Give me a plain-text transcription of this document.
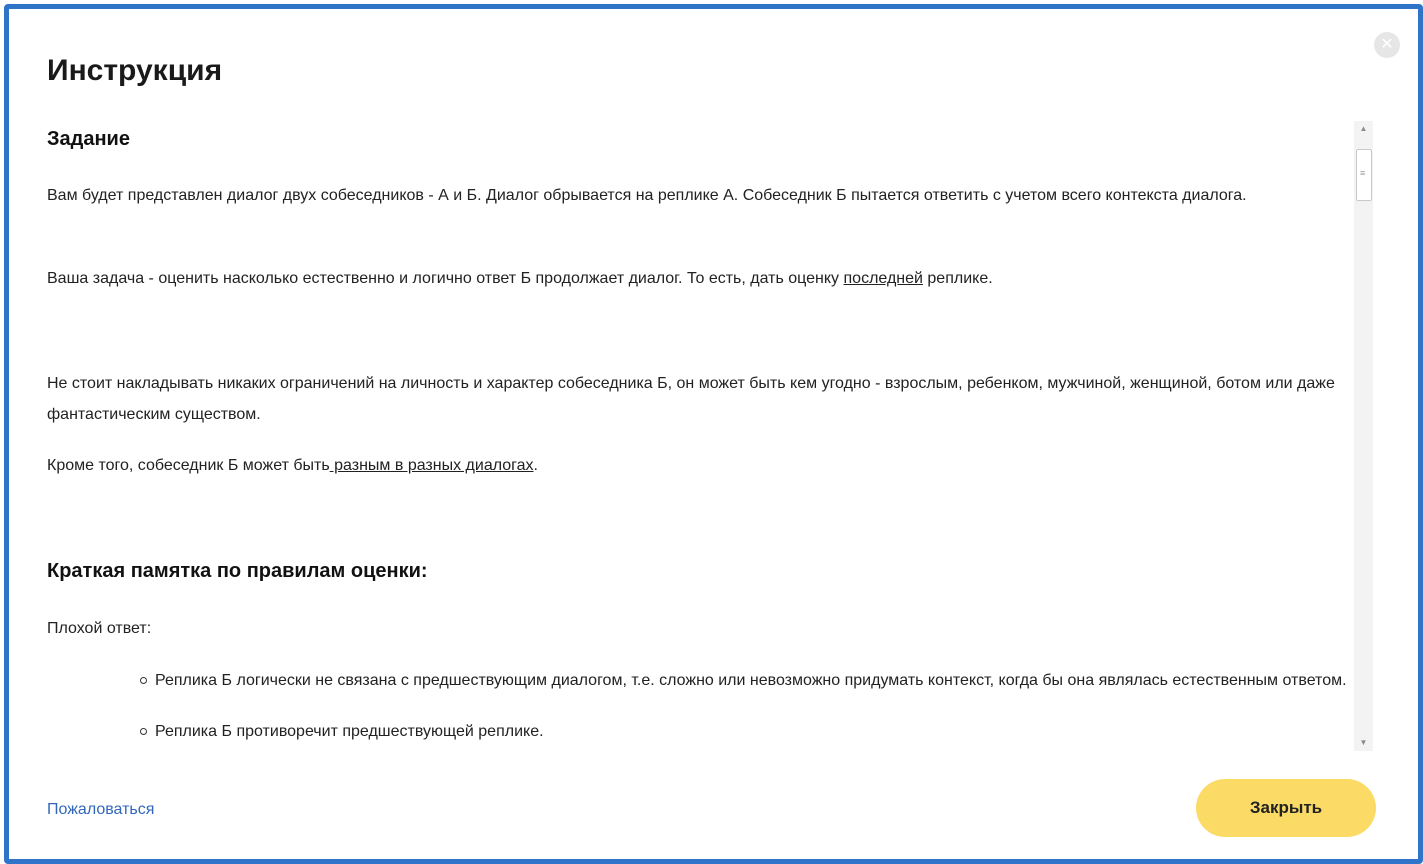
✕
Инструкция
Задание

Вам будет представлен диалог двух собеседников - А и Б. Диалог обрывается на реплике А. Собеседник Б пытается ответить с учетом всего контекста диалога.

Ваша задача - оценить насколько естественно и логично ответ Б продолжает диалог. То есть, дать оценку последней реплике.

Не стоит накладывать никаких ограничений на личность и характер собеседника Б, он может быть кем угодно - взрослым, ребенком, мужчиной, женщиной, ботом или даже фантастическим существом.

Кроме того, собеседник Б может быть разным в разных диалогах.

Краткая памятка по правилам оценки:

Плохой ответ:

Реплика Б логически не связана с предшествующим диалогом, т.е. сложно или невозможно придумать контекст, когда бы она являлась естественным ответом.
Реплика Б противоречит предшествующей реплике.
▲
≡
▼
Пожаловаться	Закрыть
